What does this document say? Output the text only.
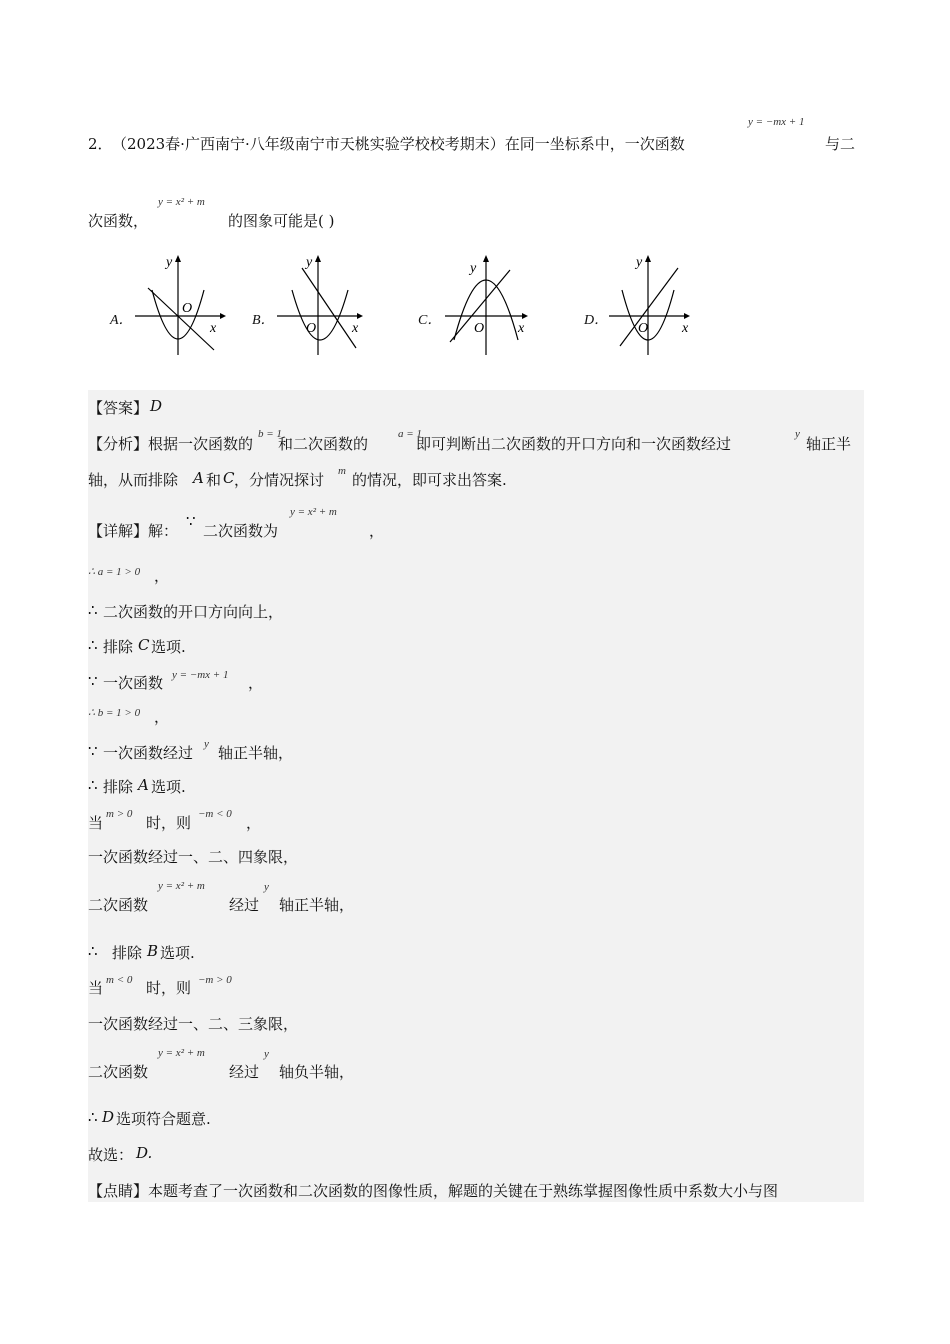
2． （2023春·广西南宁·八年级南宁市天桃实验学校校考期末）在同一坐标系中，一次函数
y = −mx + 1
与二
次函数，
y = x² + m
的图象可能是( )
A．
y
x
O
B．
y
x
O
C．
y
x
O
D．
y
x
O
【答案】 D
【分析】 根据一次函数的
b = 1
和二次函数的
a = 1
即可判断出二次函数的开口方向和一次函数经过
y
轴正半
轴，从而排除 A 和 C ，分情况探讨 m 的情况，即可求出答案.
【详解】 解：
∵
二次函数为
y = x² + m
，
∴ a = 1 > 0 ，
∴ 二次函数的开口方向向上，
∴ 排除 C 选项.
∵ 一次函数 y = −mx + 1 ，
∴ b = 1 > 0 ，
∵ 一次函数经过 y 轴正半轴，
∴ 排除 A 选项.
当 m > 0 时，则 −m < 0 ，
一次函数经过一、二、四象限，
二次函数
y = x² + m
经过
y
轴正半轴，
∴ 排除 B 选项.
当 m < 0 时，则 −m > 0
一次函数经过一、二、三象限，
二次函数
y = x² + m
经过
y
轴负半轴，
∴ D 选项符合题意.
故选： D.
【点睛】 本题考查了一次函数和二次函数的图像性质，解题的关键在于熟练掌握图像性质中系数大小与图
